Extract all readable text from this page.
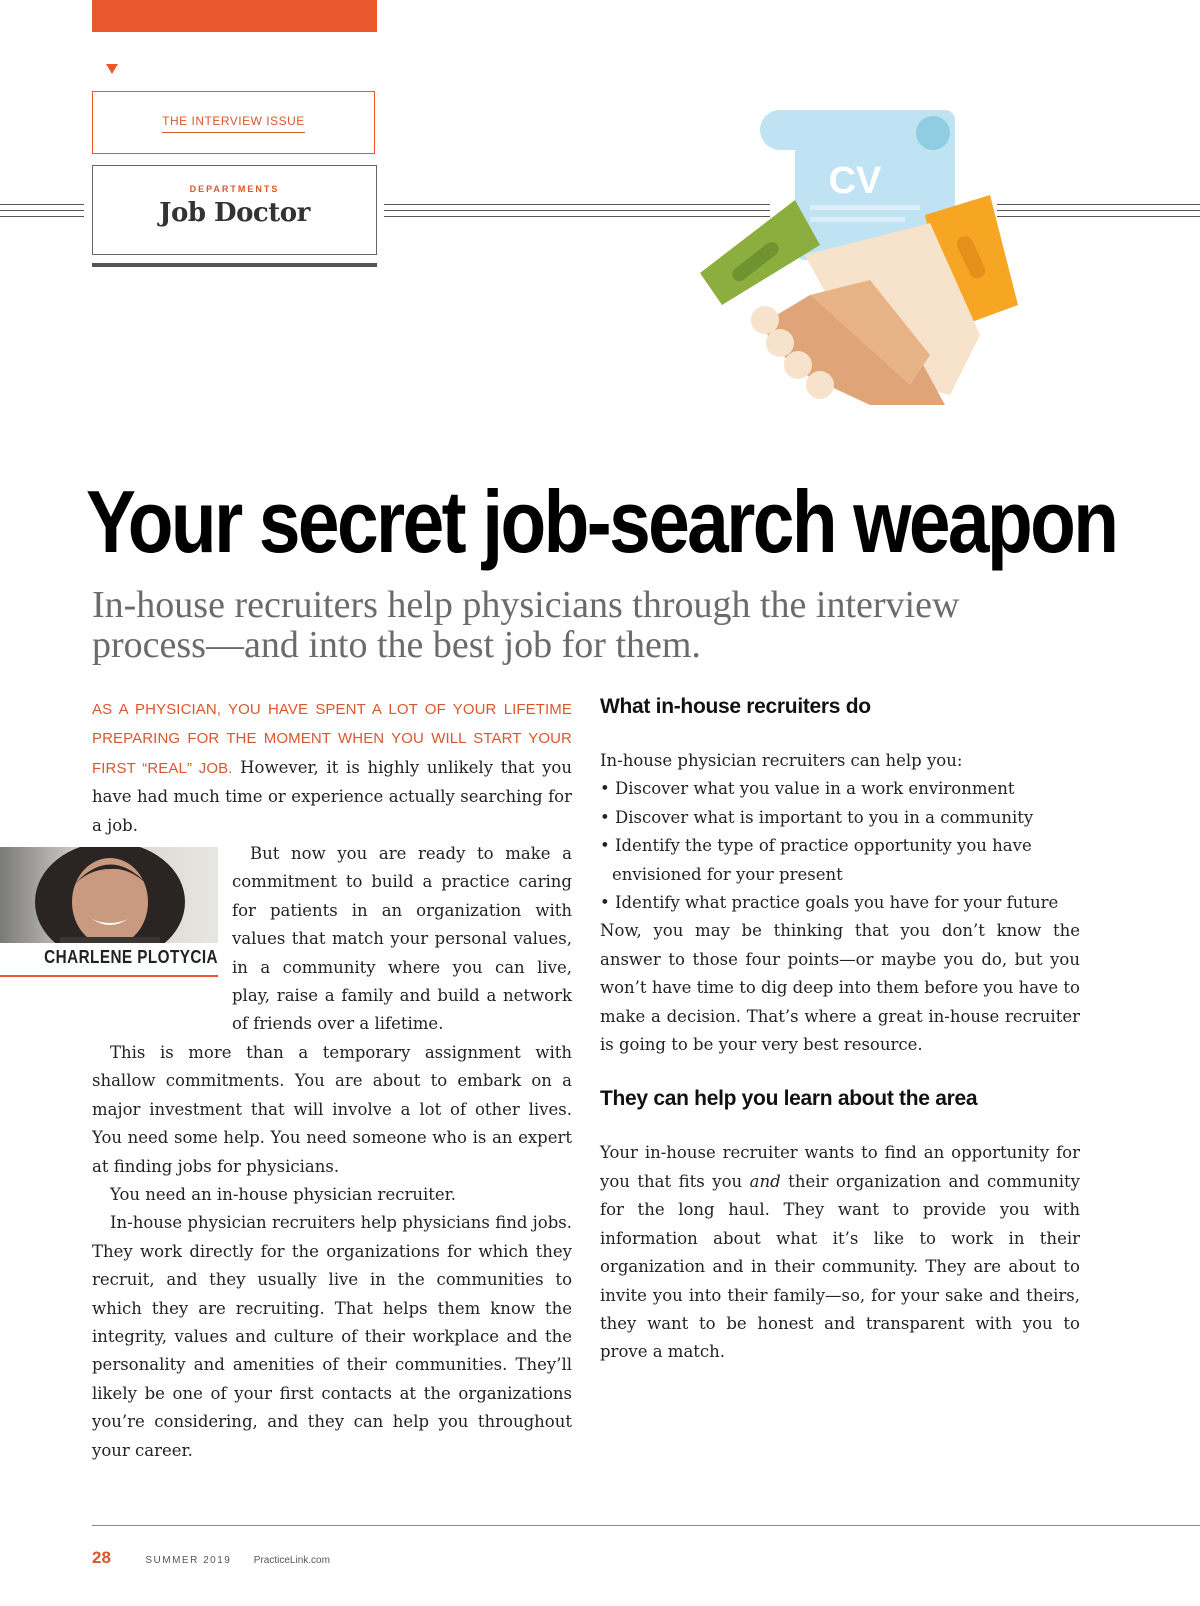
THE INTERVIEW ISSUE
DEPARTMENTS
Job Doctor
CV
Your secret job-search weapon
In-house recruiters help physicians through the interview process—and into the best job for them.

AS A PHYSICIAN, YOU HAVE SPENT A LOT OF YOUR LIFETIME PREPARING FOR THE MOMENT WHEN YOU WILL START YOUR FIRST “REAL” JOB. However, it is highly unlikely that you have had much time or experience actually searching for a job.

But now you are ready to make a commitment to build a practice caring for patients in an organization with values that match your personal values, in a community where you can live, play, raise a family and build a network of friends over a lifetime.

This is more than a temporary assignment with shallow commitments. You are about to embark on a major investment that will involve a lot of other lives. You need some help. You need someone who is an expert at finding jobs for physicians.

You need an in-house physician recruiter.

In-house physician recruiters help physicians find jobs. They work directly for the organizations for which they recruit, and they usually live in the communities to which they are recruiting. That helps them know the integrity, values and culture of their workplace and the personality and amenities of their communities. They’ll likely be one of your first contacts at the organizations you’re considering, and they can help you throughout your career.

CHARLENE PLOTYCIA
What in-house recruiters do

In-house physician recruiters can help you:

• Discover what you value in a work environment
• Discover what is important to you in a community
• Identify the type of practice opportunity you have envisioned for your present
• Identify what practice goals you have for your future

Now, you may be thinking that you don’t know the answer to those four points—or maybe you do, but you won’t have time to dig deep into them before you have to make a decision. That’s where a great in-house recruiter is going to be your very best resource.

They can help you learn about the area

Your in-house recruiter wants to find an opportunity for you that fits you and their organization and community for the long haul. They want to provide you with information about what it’s like to work in their organization and in their community. They are about to invite you into their family—so, for your sake and theirs, they want to be honest and transparent with you to prove a match.

28	SUMMER 2019 PracticeLink.com
